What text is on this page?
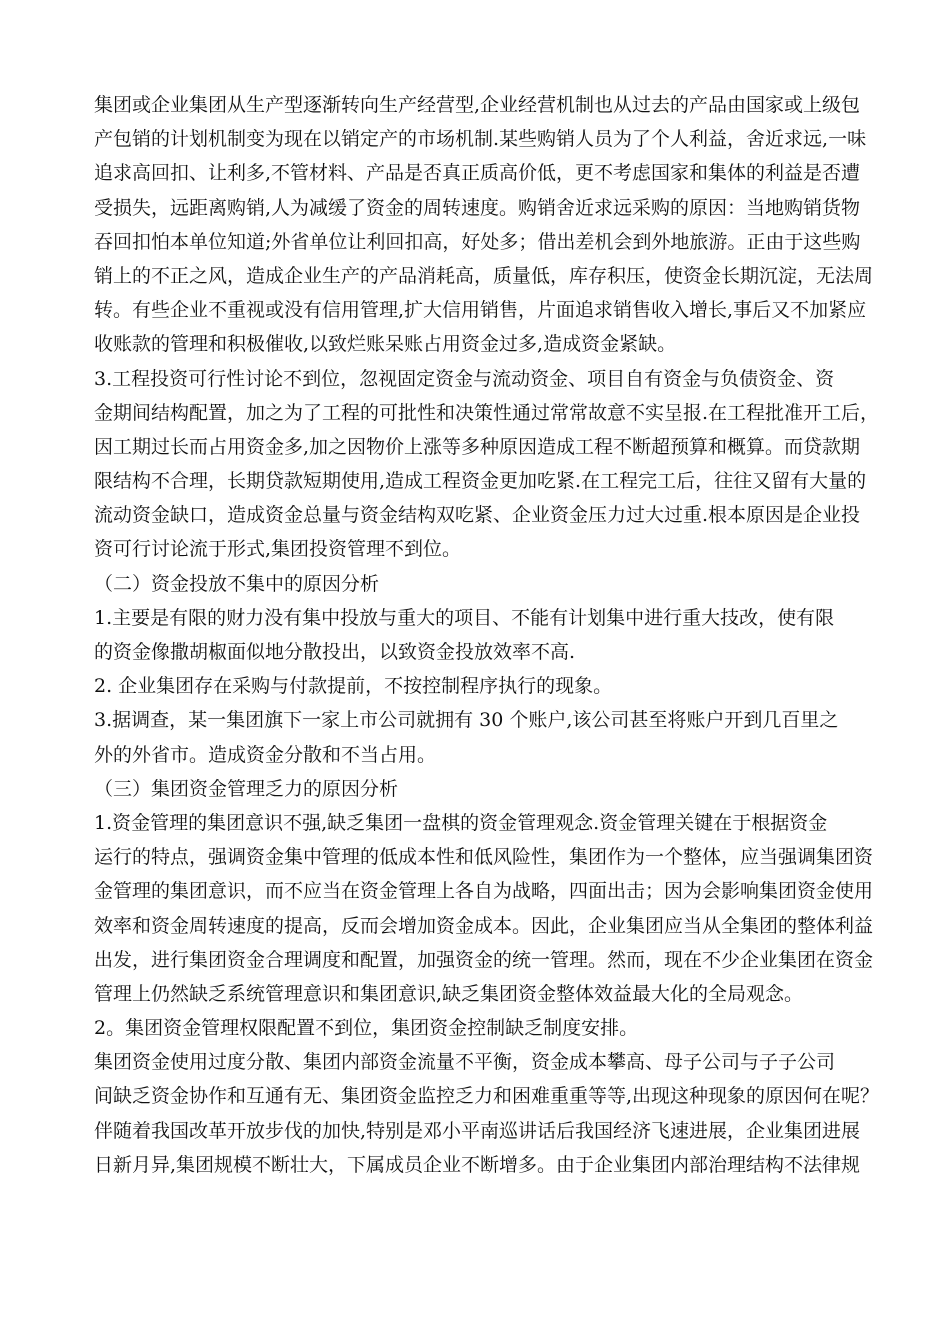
集团或企业集团从生产型逐渐转向生产经营型,企业经营机制也从过去的产品由国家或上级包
产包销的计划机制变为现在以销定产的市场机制.某些购销人员为了个人利益，舍近求远,一味
追求高回扣、让利多,不管材料、产品是否真正质高价低，更不考虑国家和集体的利益是否遭
受损失，远距离购销,人为减缓了资金的周转速度。购销舍近求远采购的原因：当地购销货物
吞回扣怕本单位知道;外省单位让利回扣高，好处多；借出差机会到外地旅游。正由于这些购
销上的不正之风，造成企业生产的产品消耗高，质量低，库存积压，使资金长期沉淀，无法周
转。有些企业不重视或没有信用管理,扩大信用销售，片面追求销售收入增长,事后又不加紧应
收账款的管理和积极催收,以致烂账呆账占用资金过多,造成资金紧缺。
3.工程投资可行性讨论不到位，忽视固定资金与流动资金、项目自有资金与负债资金、资
金期间结构配置，加之为了工程的可批性和决策性通过常常故意不实呈报.在工程批准开工后，
因工期过长而占用资金多,加之因物价上涨等多种原因造成工程不断超预算和概算。而贷款期
限结构不合理，长期贷款短期使用,造成工程资金更加吃紧.在工程完工后，往往又留有大量的
流动资金缺口，造成资金总量与资金结构双吃紧、企业资金压力过大过重.根本原因是企业投
资可行讨论流于形式,集团投资管理不到位。
（二）资金投放不集中的原因分析
1.主要是有限的财力没有集中投放与重大的项目、不能有计划集中进行重大技改，使有限
的资金像撒胡椒面似地分散投出，以致资金投放效率不高.
2. 企业集团存在采购与付款提前，不按控制程序执行的现象。
3.据调查，某一集团旗下一家上市公司就拥有 30 个账户,该公司甚至将账户开到几百里之
外的外省市。造成资金分散和不当占用。
（三）集团资金管理乏力的原因分析
1.资金管理的集团意识不强,缺乏集团一盘棋的资金管理观念.资金管理关键在于根据资金
运行的特点，强调资金集中管理的低成本性和低风险性，集团作为一个整体，应当强调集团资
金管理的集团意识，而不应当在资金管理上各自为战略，四面出击；因为会影响集团资金使用
效率和资金周转速度的提高，反而会增加资金成本。因此，企业集团应当从全集团的整体利益
出发，进行集团资金合理调度和配置，加强资金的统一管理。然而，现在不少企业集团在资金
管理上仍然缺乏系统管理意识和集团意识,缺乏集团资金整体效益最大化的全局观念。
2。集团资金管理权限配置不到位，集团资金控制缺乏制度安排。
集团资金使用过度分散、集团内部资金流量不平衡，资金成本攀高、母子公司与子子公司
间缺乏资金协作和互通有无、集团资金监控乏力和困难重重等等,出现这种现象的原因何在呢？
伴随着我国改革开放步伐的加快,特别是邓小平南巡讲话后我国经济飞速进展，企业集团进展
日新月异,集团规模不断壮大，下属成员企业不断增多。由于企业集团内部治理结构不法律规
